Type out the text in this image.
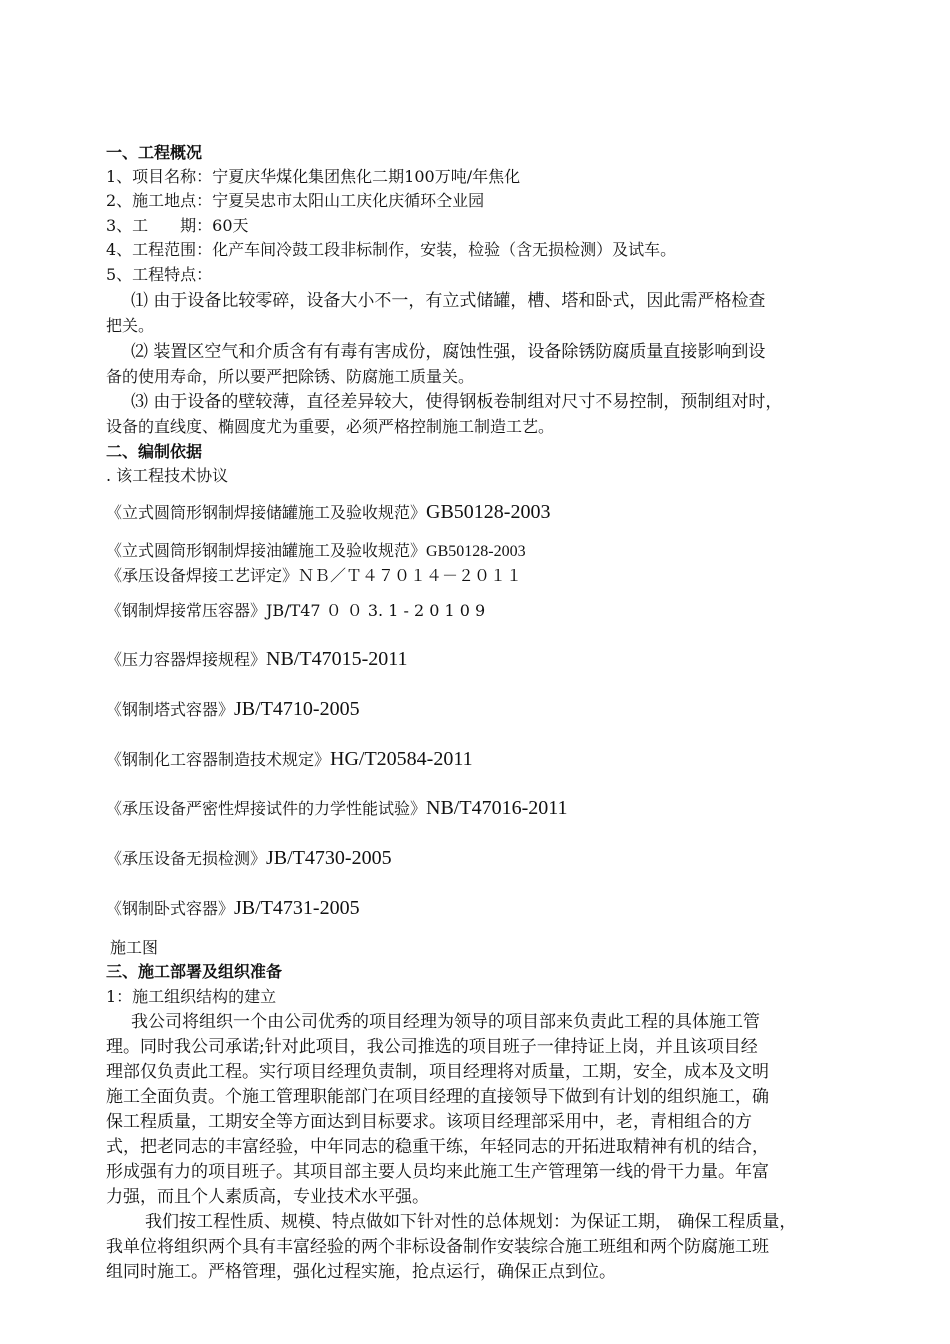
一、工程概况
1、项目名称：宁夏庆华煤化集团焦化二期100万吨/年焦化
2、施工地点：宁夏吴忠市太阳山工庆化庆循环仝业园
3、工　　期：60天
4、工程范围：化产车间冷鼓工段非标制作，安装，检验（含无损检测）及试车。
5、工程特点：
⑴ 由于设备比较零碎，设备大小不一，有立式储罐，槽、塔和卧式，因此需严格检查
把关。
⑵ 装置区空气和介质含有有毒有害成份，腐蚀性强，设备除锈防腐质量直接影响到设
备的使用寿命，所以要严把除锈、防腐施工质量关。
⑶ 由于设备的壁较薄，直径差异较大，使得钢板卷制组对尺寸不易控制，预制组对时，
设备的直线度、椭圆度尤为重要，必须严格控制施工制造工艺。
二、编制依据
. 该工程技术协议
《立式圆筒形钢制焊接储罐施工及验收规范》GB50128-2003
《立式圆筒形钢制焊接油罐施工及验收规范》GB50128-2003
《承压设备焊接工艺评定》ＮＢ／Ｔ４７０１４－２０１１
《钢制焊接常压容器》JB/T47 ０ ０ 3. 1 - 2 0 1 0 9
《压力容器焊接规程》NB/T47015-2011
《钢制塔式容器》JB/T4710-2005
《钢制化工容器制造技术规定》HG/T20584-2011
《承压设备严密性焊接试件的力学性能试验》NB/T47016-2011
《承压设备无损检测》JB/T4730-2005
《钢制卧式容器》JB/T4731-2005
施工图
三、施工部署及组织准备
1：施工组织结构的建立
我公司将组织一个由公司优秀的项目经理为领导的项目部来负责此工程的具体施工管
理。同时我公司承诺;针对此项目，我公司推选的项目班子一律持证上岗，并且该项目经
理部仅负责此工程。实行项目经理负责制，项目经理将对质量，工期，安全，成本及文明
施工全面负责。个施工管理职能部门在项目经理的直接领导下做到有计划的组织施工，确
保工程质量，工期安全等方面达到目标要求。该项目经理部采用中，老，青相组合的方
式，把老同志的丰富经验，中年同志的稳重干练，年轻同志的开拓进取精神有机的结合，
形成强有力的项目班子。其项目部主要人员均来此施工生产管理第一线的骨干力量。年富
力强，而且个人素质高，专业技术水平强。
我们按工程性质、规模、特点做如下针对性的总体规划：为保证工期， 确保工程质量，
我单位将组织两个具有丰富经验的两个非标设备制作安装综合施工班组和两个防腐施工班
组同时施工。严格管理，强化过程实施，抢点运行，确保正点到位。
